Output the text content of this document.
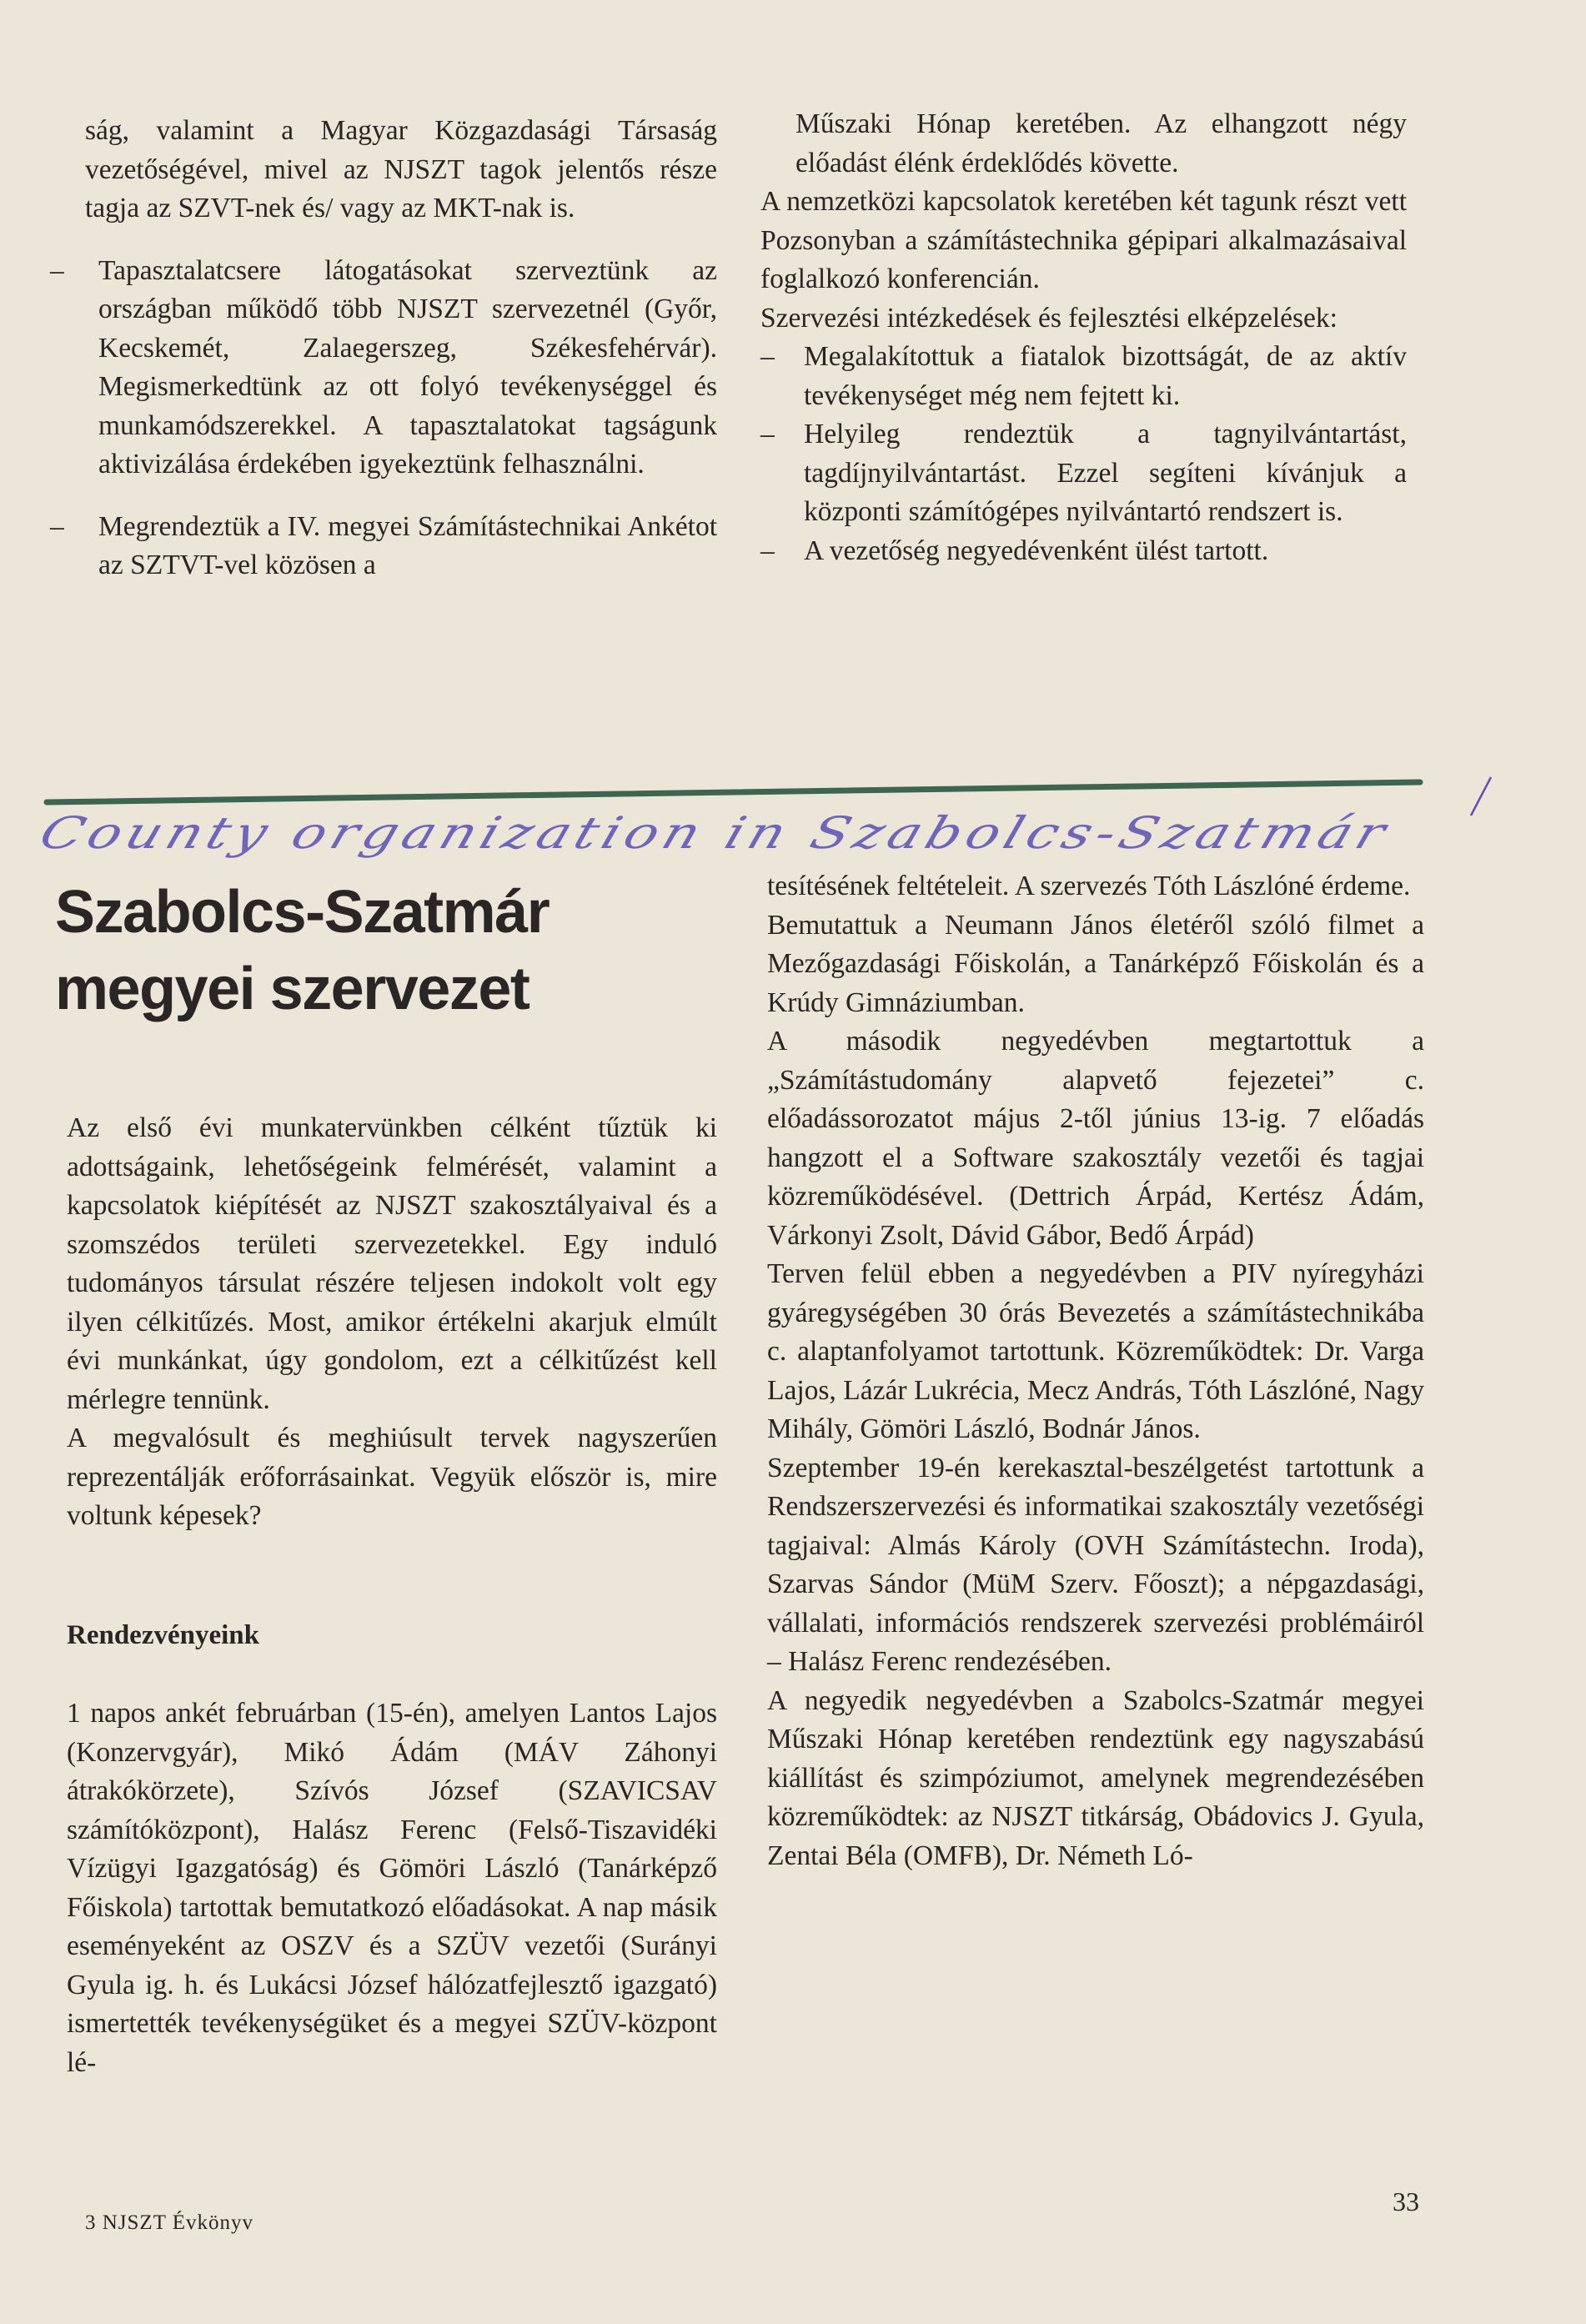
ság, valamint a Magyar Közgazdasági Társaság vezetőségével, mivel az NJSZT tagok jelentős része tagja az SZVT-nek és/ vagy az MKT-nak is.

– Tapasztalatcsere látogatásokat szerveztünk az országban működő több NJSZT szervezetnél (Győr, Kecskemét, Zalaegerszeg, Székesfehérvár). Megismerkedtünk az ott folyó tevékenységgel és munkamódszerekkel. A tapasztalatokat tagságunk aktivizálása érdekében igyekeztünk felhasználni.
– Megrendeztük a IV. megyei Számítástechnikai Ankétot az SZTVT-vel közösen a

Műszaki Hónap keretében. Az elhangzott négy előadást élénk érdeklődés követte.

A nemzetközi kapcsolatok keretében két tagunk részt vett Pozsonyban a számítástechnika gépipari alkalmazásaival foglalkozó konferencián.

Szervezési intézkedések és fejlesztési elképzelések:

– Megalakítottuk a fiatalok bizottságát, de az aktív tevékenységet még nem fejtett ki.
– Helyileg rendeztük a tagnyilvántartást, tagdíjnyilvántartást. Ezzel segíteni kívánjuk a központi számítógépes nyilvántartó rendszert is.
– A vezetőség negyedévenként ülést tartott.
County organization in Szabolcs-Szatmár
Szabolcs-Szatmár
megyei szervezet

Az első évi munkatervünkben célként tűztük ki adottságaink, lehetőségeink felmérését, valamint a kapcsolatok kiépítését az NJSZT szakosztályaival és a szomszédos területi szervezetekkel. Egy induló tudományos társulat részére teljesen indokolt volt egy ilyen célkitűzés. Most, amikor értékelni akarjuk elmúlt évi munkánkat, úgy gondolom, ezt a célkitűzést kell mérlegre tennünk.

A megvalósult és meghiúsult tervek nagyszerűen reprezentálják erőforrásainkat. Vegyük először is, mire voltunk képesek?

Rendezvényeink

1 napos ankét februárban (15-én), amelyen Lantos Lajos (Konzervgyár), Mikó Ádám (MÁV Záhonyi átrakókörzete), Szívós József (SZAVICSAV számítóközpont), Halász Ferenc (Felső-Tiszavidéki Vízügyi Igazgatóság) és Gömöri László (Tanárképző Főiskola) tartottak bemutatkozó előadásokat. A nap másik eseményeként az OSZV és a SZÜV vezetői (Surányi Gyula ig. h. és Lukácsi József hálózatfejlesztő igazgató) ismertették tevékenységüket és a megyei SZÜV-központ lé-

tesítésének feltételeit. A szervezés Tóth Lászlóné érdeme.

Bemutattuk a Neumann János életéről szóló filmet a Mezőgazdasági Főiskolán, a Tanárképző Főiskolán és a Krúdy Gimnáziumban.

A második negyedévben megtartottuk a „Számítástudomány alapvető fejezetei” c. előadássorozatot május 2-től június 13-ig. 7 előadás hangzott el a Software szakosztály vezetői és tagjai közreműködésével. (Dettrich Árpád, Kertész Ádám, Várkonyi Zsolt, Dávid Gábor, Bedő Árpád)

Terven felül ebben a negyedévben a PIV nyíregyházi gyáregységében 30 órás Bevezetés a számítástechnikába c. alaptanfolyamot tartottunk. Közreműködtek: Dr. Varga Lajos, Lázár Lukrécia, Mecz András, Tóth Lászlóné, Nagy Mihály, Gömöri László, Bodnár János.

Szeptember 19-én kerekasztal-beszélgetést tartottunk a Rendszerszervezési és informatikai szakosztály vezetőségi tagjaival: Almás Károly (OVH Számítástechn. Iroda), Szarvas Sándor (MüM Szerv. Főoszt); a népgazdasági, vállalati, információs rendszerek szervezési problémáiról – Halász Ferenc rendezésében.

A negyedik negyedévben a Szabolcs-Szatmár megyei Műszaki Hónap keretében rendeztünk egy nagyszabású kiállítást és szimpóziumot, amelynek megrendezésében közreműködtek: az NJSZT titkárság, Obádovics J. Gyula, Zentai Béla (OMFB), Dr. Németh Ló-

3 NJSZT Évkönyv
33
